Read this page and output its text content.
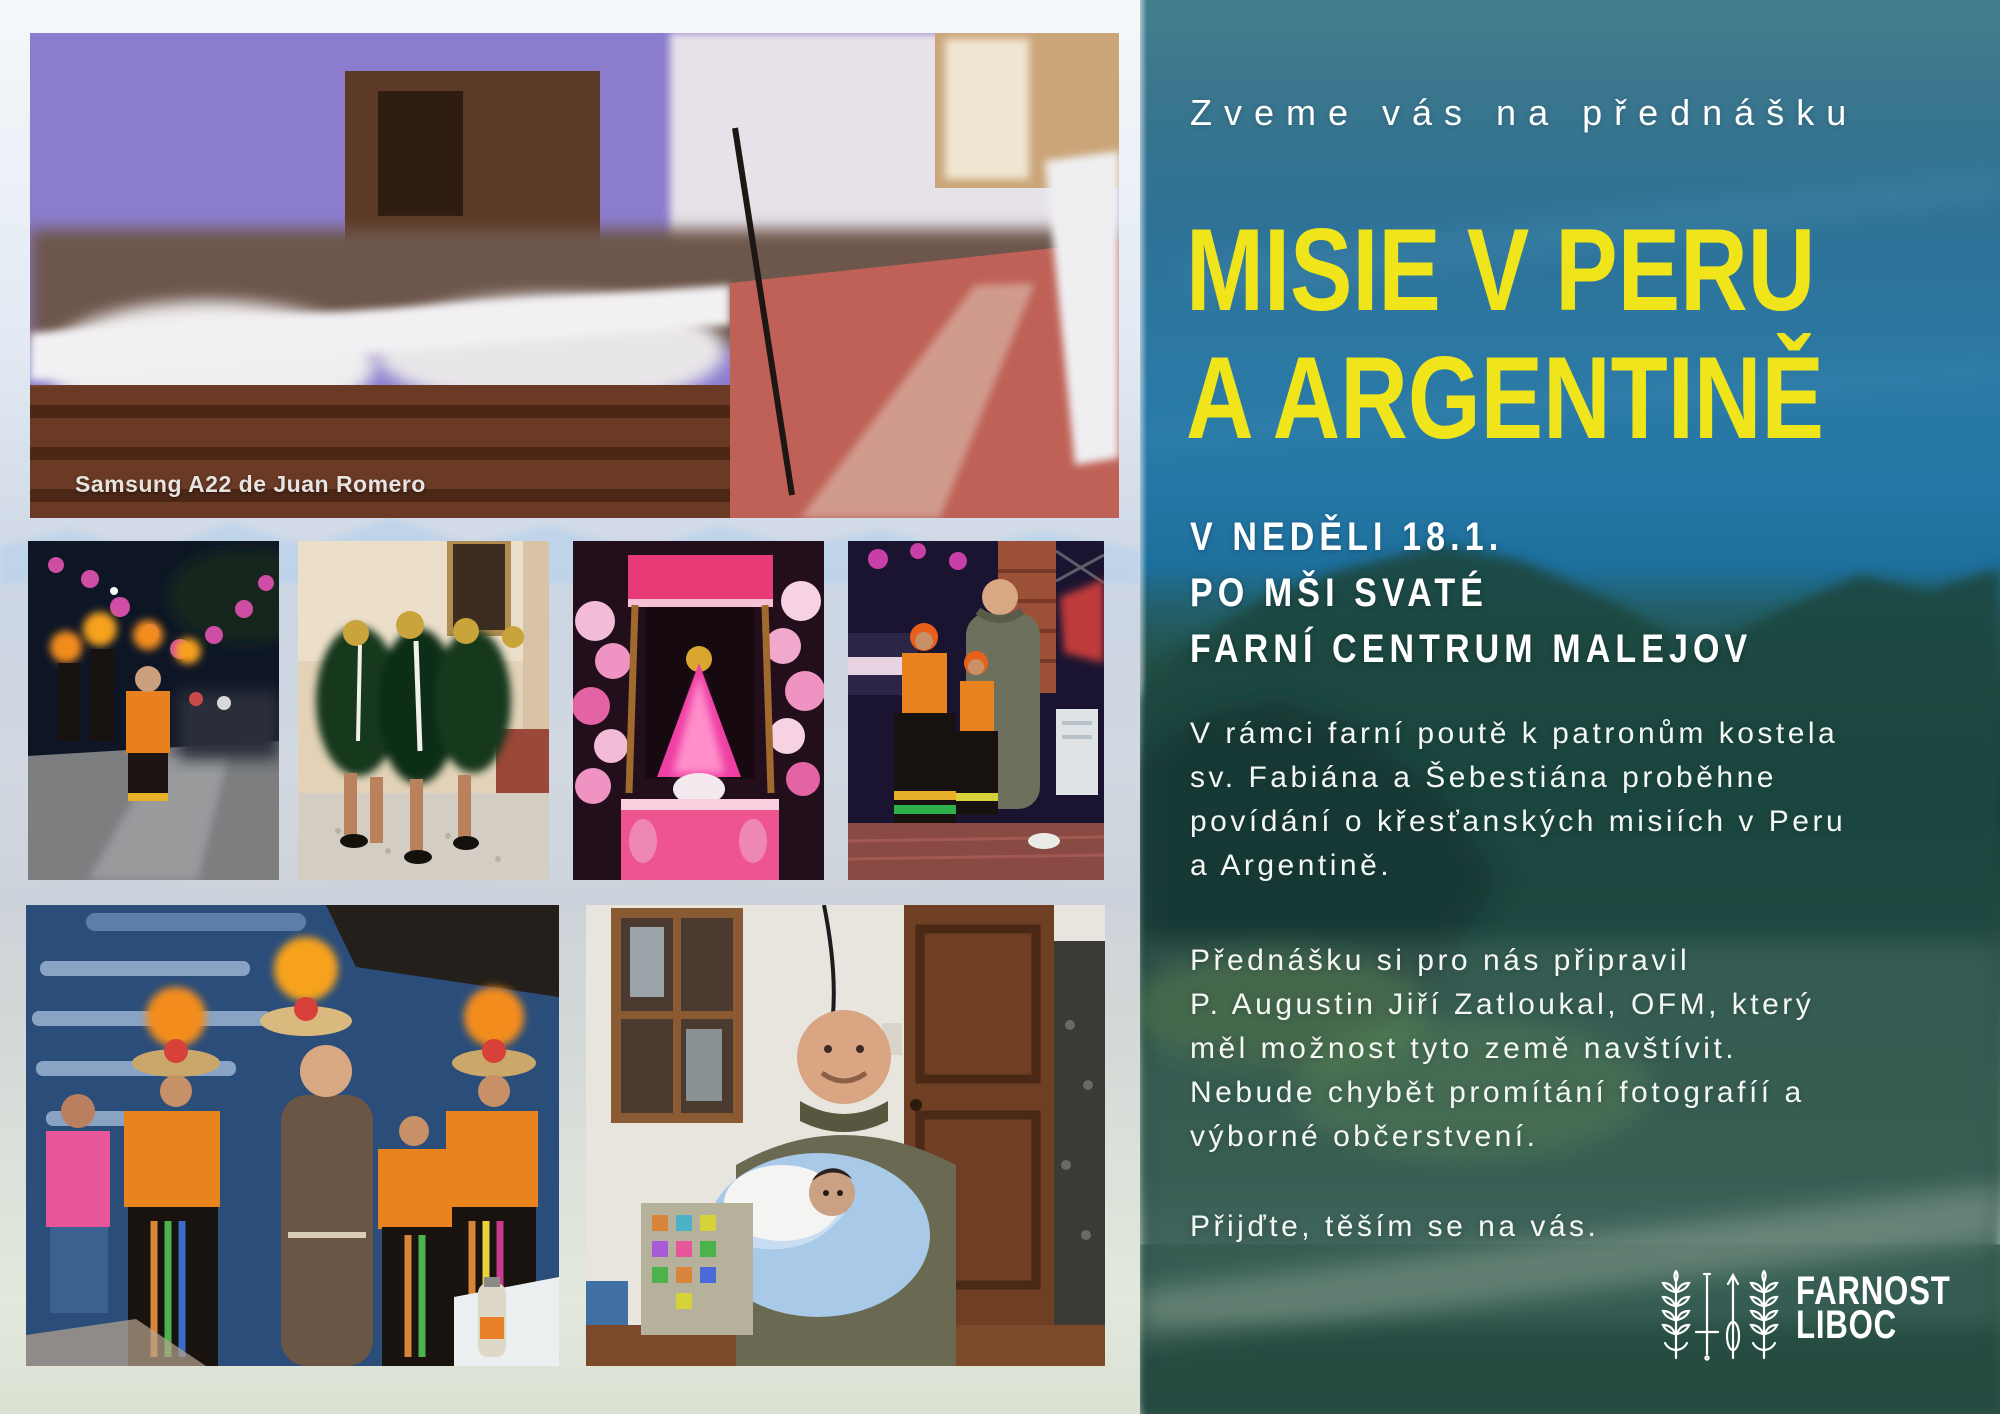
Samsung A22 de Juan Romero
Zveme vás na přednášku
MISIE V PERU
A ARGENTINĚ
V NEDĚLI 18.1.
PO MŠI SVATÉ
FARNÍ CENTRUM MALEJOV
V rámci farní poutě k patronům kostela
sv. Fabiána a Šebestiána proběhne
povídání o křesťanských misiích v Peru
a Argentině.
Přednášku si pro nás připravil
P. Augustin Jiří Zatloukal, OFM, který
měl možnost tyto země navštívit.
Nebude chybět promítání fotografíí a
výborné občerstvení.
Přijďte, těším se na vás.
FARNOST
LIBOC
